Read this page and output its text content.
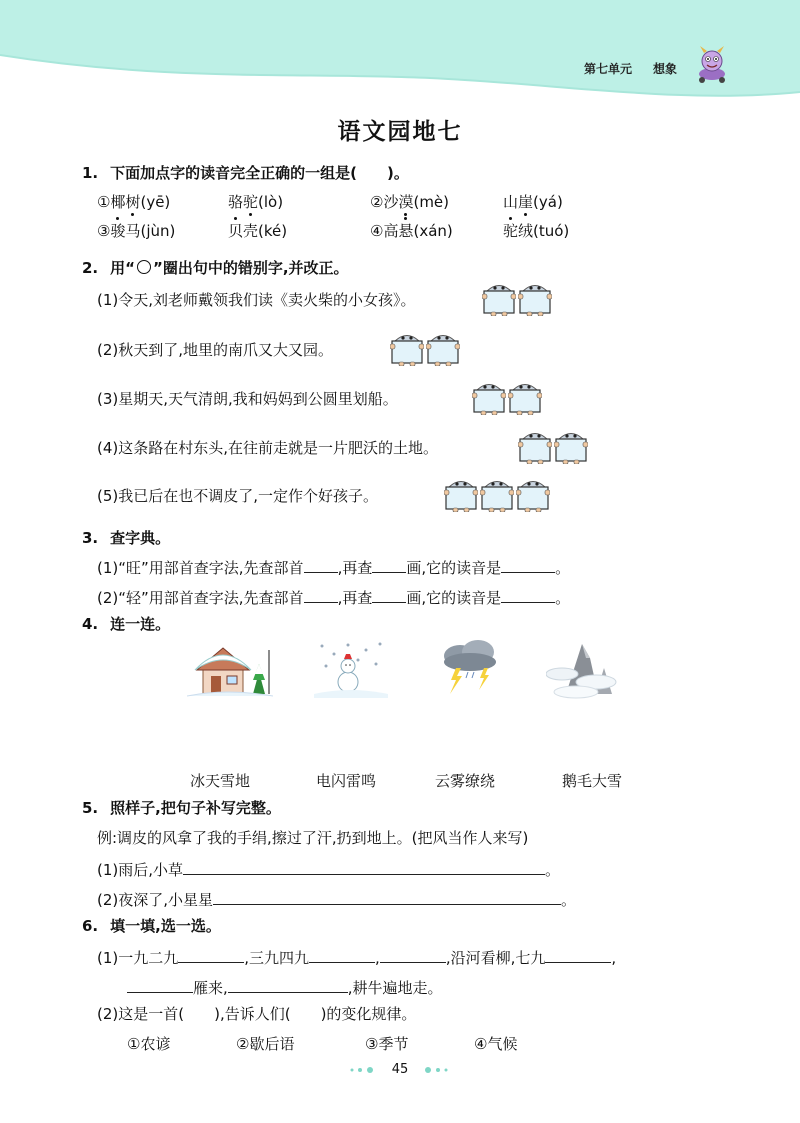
第七单元 想象
语文园地七
1. 下面加点字的读音完全正确的一组是(　　)。
①椰树(yē)	骆驼(lò)	②沙漠(mè)	山崖(yá)
③骏马(jùn)	贝壳(ké)	④高悬(xán)	驼绒(tuó)
2. 用“ ”圈出句中的错别字,并改正。
(1)令天,刘老师戴领我们读《卖火柴的小女孩》。
(2)秋天到了,地里的南爪又大又园。
(3)星期天,天气清朗,我和妈妈到公圆里划船。
(4)这条路在村东头,在往前走就是一片肥沃的土地。
(5)我已后在也不调皮了,一定作个好孩子。
3. 查字典。
(1)“旺”用部首查字法,先查部首 ,再查 画,它的读音是	。
(2)“轻”用部首查字法,先查部首 ,再查 画,它的读音是	。
4. 连一连。
冰天雪地	电闪雷鸣	云雾缭绕	鹅毛大雪
5. 照样子,把句子补写完整。
例:调皮的风拿了我的手绢,擦过了汗,扔到地上。(把风当作人来写)
(1)雨后,小草	。
(2)夜深了,小星星	。
6. 填一填,选一选。
(1)一九二九	,三九四九	,	,沿河看柳,七九	,
雁来,	,耕牛遍地走。
(2)这是一首(　　),告诉人们(　　)的变化规律。
①农谚	②歇后语	③季节	④气候
45
